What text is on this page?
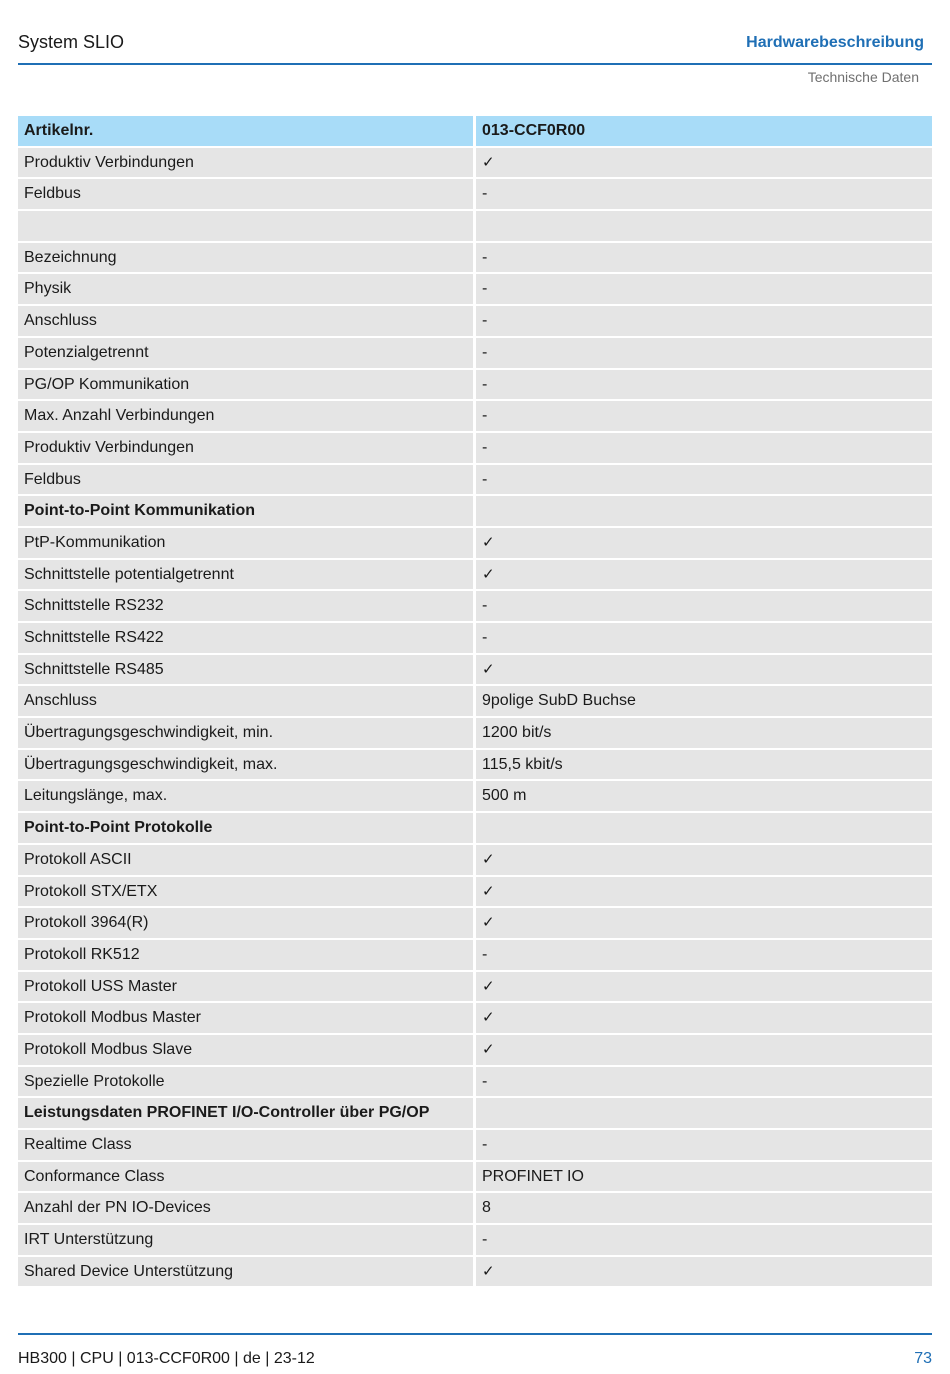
System SLIO	Hardwarebeschreibung
Technische Daten
Artikelnr.	013-CCF0R00
Produktiv Verbindungen	✓
Feldbus	-
Bezeichnung	-
Physik	-
Anschluss	-
Potenzialgetrennt	-
PG/OP Kommunikation	-
Max. Anzahl Verbindungen	-
Produktiv Verbindungen	-
Feldbus	-
Point-to-Point Kommunikation
PtP-Kommunikation	✓
Schnittstelle potentialgetrennt	✓
Schnittstelle RS232	-
Schnittstelle RS422	-
Schnittstelle RS485	✓
Anschluss	9polige SubD Buchse
Übertragungsgeschwindigkeit, min.	1200 bit/s
Übertragungsgeschwindigkeit, max.	115,5 kbit/s
Leitungslänge, max.	500 m
Point-to-Point Protokolle
Protokoll ASCII	✓
Protokoll STX/ETX	✓
Protokoll 3964(R)	✓
Protokoll RK512	-
Protokoll USS Master	✓
Protokoll Modbus Master	✓
Protokoll Modbus Slave	✓
Spezielle Protokolle	-
Leistungsdaten PROFINET I/O-Controller über PG/OP
Realtime Class	-
Conformance Class	PROFINET IO
Anzahl der PN IO-Devices	8
IRT Unterstützung	-
Shared Device Unterstützung	✓
HB300 | CPU | 013-CCF0R00 | de | 23-12	73
